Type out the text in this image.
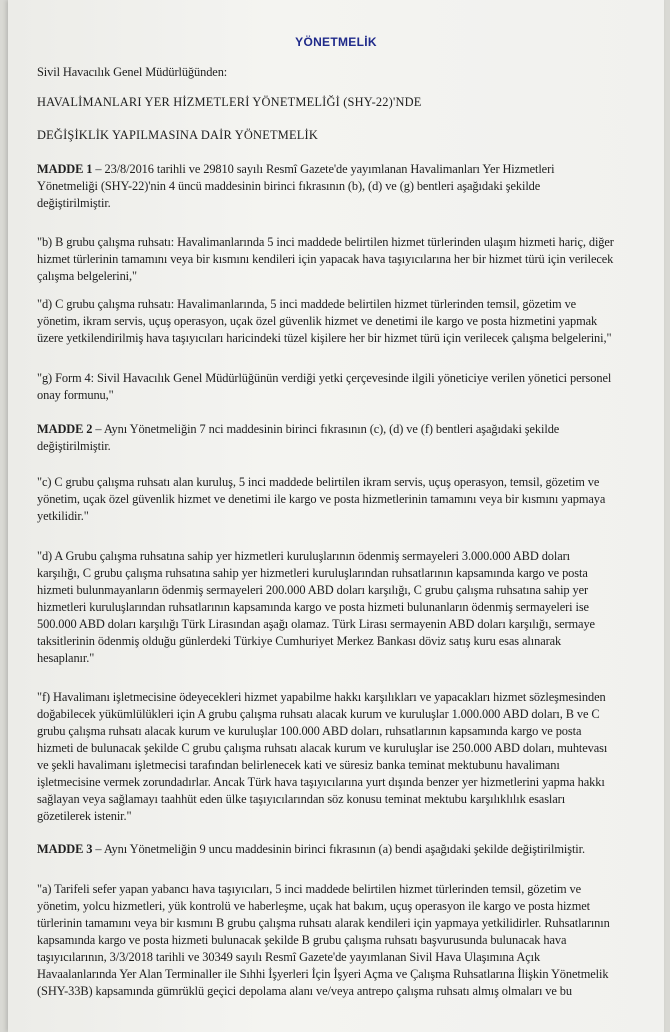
YÖNETMELİK
Sivil Havacılık Genel Müdürlüğünden:
HAVALİMANLARI YER HİZMETLERİ YÖNETMELİĞİ (SHY-22)'NDE
DEĞİŞİKLİK YAPILMASINA DAİR YÖNETMELİK
MADDE 1 – 23/8/2016 tarihli ve 29810 sayılı Resmî Gazete'de yayımlanan Havalimanları Yer Hizmetleri
Yönetmeliği (SHY-22)'nin 4 üncü maddesinin birinci fıkrasının (b), (d) ve (g) bentleri aşağıdaki şekilde
değiştirilmiştir.
"b) B grubu çalışma ruhsatı: Havalimanlarında 5 inci maddede belirtilen hizmet türlerinden ulaşım hizmeti hariç, diğer
hizmet türlerinin tamamını veya bir kısmını kendileri için yapacak hava taşıyıcılarına her bir hizmet türü için verilecek
çalışma belgelerini,"
"d) C grubu çalışma ruhsatı: Havalimanlarında, 5 inci maddede belirtilen hizmet türlerinden temsil, gözetim ve
yönetim, ikram servis, uçuş operasyon, uçak özel güvenlik hizmet ve denetimi ile kargo ve posta hizmetini yapmak
üzere yetkilendirilmiş hava taşıyıcıları haricindeki tüzel kişilere her bir hizmet türü için verilecek çalışma belgelerini,"
"g) Form 4: Sivil Havacılık Genel Müdürlüğünün verdiği yetki çerçevesinde ilgili yöneticiye verilen yönetici personel
onay formunu,"
MADDE 2 – Aynı Yönetmeliğin 7 nci maddesinin birinci fıkrasının (c), (d) ve (f) bentleri aşağıdaki şekilde
değiştirilmiştir.
"c) C grubu çalışma ruhsatı alan kuruluş, 5 inci maddede belirtilen ikram servis, uçuş operasyon, temsil, gözetim ve
yönetim, uçak özel güvenlik hizmet ve denetimi ile kargo ve posta hizmetlerinin tamamını veya bir kısmını yapmaya
yetkilidir."
"d) A Grubu çalışma ruhsatına sahip yer hizmetleri kuruluşlarının ödenmiş sermayeleri 3.000.000 ABD doları
karşılığı, C grubu çalışma ruhsatına sahip yer hizmetleri kuruluşlarından ruhsatlarının kapsamında kargo ve posta
hizmeti bulunmayanların ödenmiş sermayeleri 200.000 ABD doları karşılığı, C grubu çalışma ruhsatına sahip yer
hizmetleri kuruluşlarından ruhsatlarının kapsamında kargo ve posta hizmeti bulunanların ödenmiş sermayeleri ise
500.000 ABD doları karşılığı Türk Lirasından aşağı olamaz. Türk Lirası sermayenin ABD doları karşılığı, sermaye
taksitlerinin ödenmiş olduğu günlerdeki Türkiye Cumhuriyet Merkez Bankası döviz satış kuru esas alınarak
hesaplanır."
"f) Havalimanı işletmecisine ödeyecekleri hizmet yapabilme hakkı karşılıkları ve yapacakları hizmet sözleşmesinden
doğabilecek yükümlülükleri için A grubu çalışma ruhsatı alacak kurum ve kuruluşlar 1.000.000 ABD doları, B ve C
grubu çalışma ruhsatı alacak kurum ve kuruluşlar 100.000 ABD doları, ruhsatlarının kapsamında kargo ve posta
hizmeti de bulunacak şekilde C grubu çalışma ruhsatı alacak kurum ve kuruluşlar ise 250.000 ABD doları, muhtevası
ve şekli havalimanı işletmecisi tarafından belirlenecek kati ve süresiz banka teminat mektubunu havalimanı
işletmecisine vermek zorundadırlar. Ancak Türk hava taşıyıcılarına yurt dışında benzer yer hizmetlerini yapma hakkı
sağlayan veya sağlamayı taahhüt eden ülke taşıyıcılarından söz konusu teminat mektubu karşılıklılık esasları
gözetilerek istenir."
MADDE 3 – Aynı Yönetmeliğin 9 uncu maddesinin birinci fıkrasının (a) bendi aşağıdaki şekilde değiştirilmiştir.
"a) Tarifeli sefer yapan yabancı hava taşıyıcıları, 5 inci maddede belirtilen hizmet türlerinden temsil, gözetim ve
yönetim, yolcu hizmetleri, yük kontrolü ve haberleşme, uçak hat bakım, uçuş operasyon ile kargo ve posta hizmet
türlerinin tamamını veya bir kısmını B grubu çalışma ruhsatı alarak kendileri için yapmaya yetkilidirler. Ruhsatlarının
kapsamında kargo ve posta hizmeti bulunacak şekilde B grubu çalışma ruhsatı başvurusunda bulunacak hava
taşıyıcılarının, 3/3/2018 tarihli ve 30349 sayılı Resmî Gazete'de yayımlanan Sivil Hava Ulaşımına Açık
Havaalanlarında Yer Alan Terminaller ile Sıhhi İşyerleri İçin İşyeri Açma ve Çalışma Ruhsatlarına İlişkin Yönetmelik
(SHY-33B) kapsamında gümrüklü geçici depolama alanı ve/veya antrepo çalışma ruhsatı almış olmaları ve bu
